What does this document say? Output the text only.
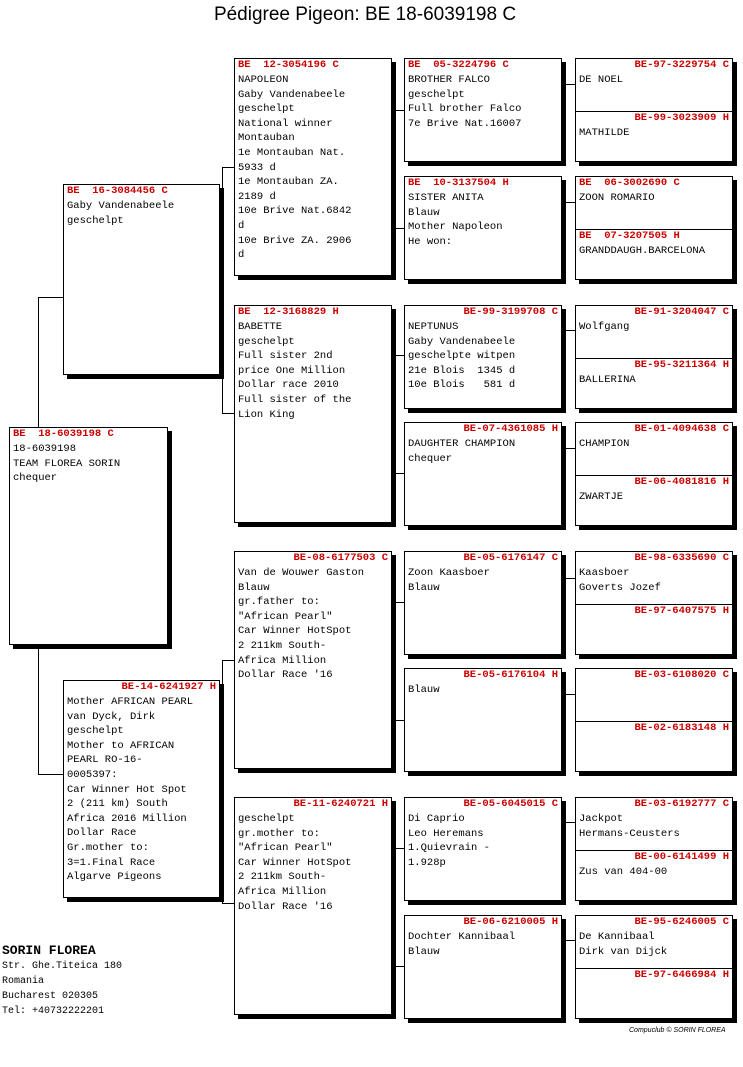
Pédigree Pigeon: BE 18-6039198 C
BE  18-6039198 C
18-6039198
TEAM FLOREA SORIN
chequer
BE  16-3084456 C
Gaby Vandenabeele
geschelpt
BE-14-6241927 H
Mother AFRICAN PEARL
van Dyck, Dirk
geschelpt
Mother to AFRICAN
PEARL RO-16-
0005397:
Car Winner Hot Spot
2 (211 km) South
Africa 2016 Million
Dollar Race
Gr.mother to:
3=1.Final Race
Algarve Pigeons
BE  12-3054196 C
NAPOLEON
Gaby Vandenabeele
geschelpt
National winner
Montauban
1e Montauban Nat.
5933 d
1e Montauban ZA.
2189 d
10e Brive Nat.6842
d
10e Brive ZA. 2906
d
BE  12-3168829 H
BABETTE
geschelpt
Full sister 2nd
price One Million
Dollar race 2010
Full sister of the
Lion King
BE-08-6177503 C
Van de Wouwer Gaston
Blauw
gr.father to:
"African Pearl"
Car Winner HotSpot
2 211km South-
Africa Million
Dollar Race '16
BE-11-6240721 H
geschelpt
gr.mother to:
"African Pearl"
Car Winner HotSpot
2 211km South-
Africa Million
Dollar Race '16
BE  05-3224796 C
BROTHER FALCO
geschelpt
Full brother Falco
7e Brive Nat.16007
BE  10-3137504 H
SISTER ANITA
Blauw
Mother Napoleon
He won:
BE-99-3199708 C
NEPTUNUS
Gaby Vandenabeele
geschelpte witpen
21e Blois  1345 d
10e Blois   581 d
BE-07-4361085 H
DAUGHTER CHAMPION
chequer
BE-05-6176147 C
Zoon Kaasboer
Blauw
BE-05-6176104 H
Blauw
BE-05-6045015 C
Di Caprio
Leo Heremans
1.Quievrain -
1.928p
BE-06-6210005 H
Dochter Kannibaal
Blauw
BE-97-3229754 C
DE NOEL
BE-99-3023909 H
MATHILDE
BE  06-3002690 C
ZOON ROMARIO
BE  07-3207505 H
GRANDDAUGH.BARCELONA
BE-91-3204047 C
Wolfgang
BE-95-3211364 H
BALLERINA
BE-01-4094638 C
CHAMPION
BE-06-4081816 H
ZWARTJE
BE-98-6335690 C
Kaasboer
Goverts Jozef
BE-97-6407575 H
BE-03-6108020 C
BE-02-6183148 H
BE-03-6192777 C
Jackpot
Hermans-Ceusters
BE-00-6141499 H
Zus van 404-00
BE-95-6246005 C
De Kannibaal
Dirk van Dijck
BE-97-6466984 H
SORIN FLOREA
Str. Ghe.Titeica 180
Romania
Bucharest 020305
Tel: +40732222201
Compuclub © SORIN FLOREA
